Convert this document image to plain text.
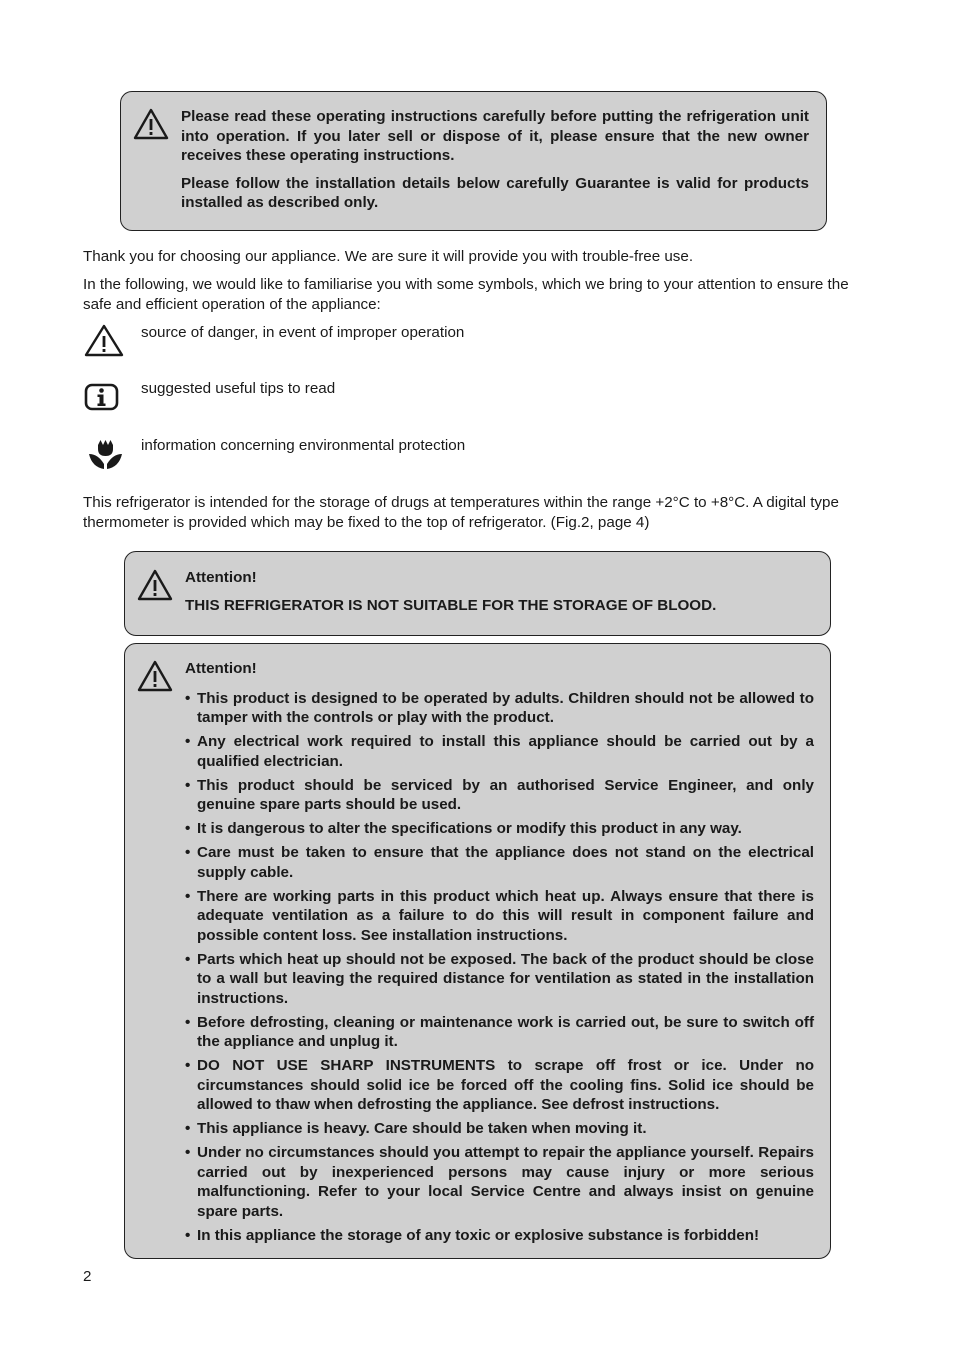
Please read these operating instructions carefully before putting the refrigeration unit into operation. If you later sell or dispose of it, please ensure that the new owner receives these operating instructions.

Please follow the installation details below carefully Guarantee is valid for products installed as described only.

Thank you for choosing our appliance. We are sure it will provide you with trouble-free use.

In the following, we would like to familiarise you with some symbols, which we bring to your attention to ensure the safe and efficient operation of the appliance:

source of danger, in event of improper operation
suggested useful tips to read
information concerning environmental protection

This refrigerator is intended for the storage of drugs at temperatures within the range +2°C to +8°C. A digital type thermometer is provided which may be fixed to the top of refrigerator. (Fig.2, page 4)

Attention!

THIS REFRIGERATOR IS NOT SUITABLE FOR THE STORAGE OF BLOOD.

Attention!

• This product is designed to be operated by adults. Children should not be allowed to tamper with the controls or play with the product.
• Any electrical work required to install this appliance should be carried out by a qualified electrician.
• This product should be serviced by an authorised Service Engineer, and only genuine spare parts should be used.
• It is dangerous to alter the specifications or modify this product in any way.
• Care must be taken to ensure that the appliance does not stand on the electrical supply cable.
• There are working parts in this product which heat up. Always ensure that there is adequate ventilation as a failure to do this will result in component failure and possible content loss. See installation instructions.
• Parts which heat up should not be exposed. The back of the product should be close to a wall but leaving the required distance for ventilation as stated in the installation instructions.
• Before defrosting, cleaning or maintenance work is carried out, be sure to switch off the appliance and unplug it.
• DO NOT USE SHARP INSTRUMENTS to scrape off frost or ice. Under no circumstances should solid ice be forced off the cooling fins. Solid ice should be allowed to thaw when defrosting the appliance. See defrost instructions.
• This appliance is heavy. Care should be taken when moving it.
• Under no circumstances should you attempt to repair the appliance yourself. Repairs carried out by inexperienced persons may cause injury or more serious malfunctioning. Refer to your local Service Centre and always insist on genuine spare parts.
• In this appliance the storage of any toxic or explosive substance is forbidden!
2
